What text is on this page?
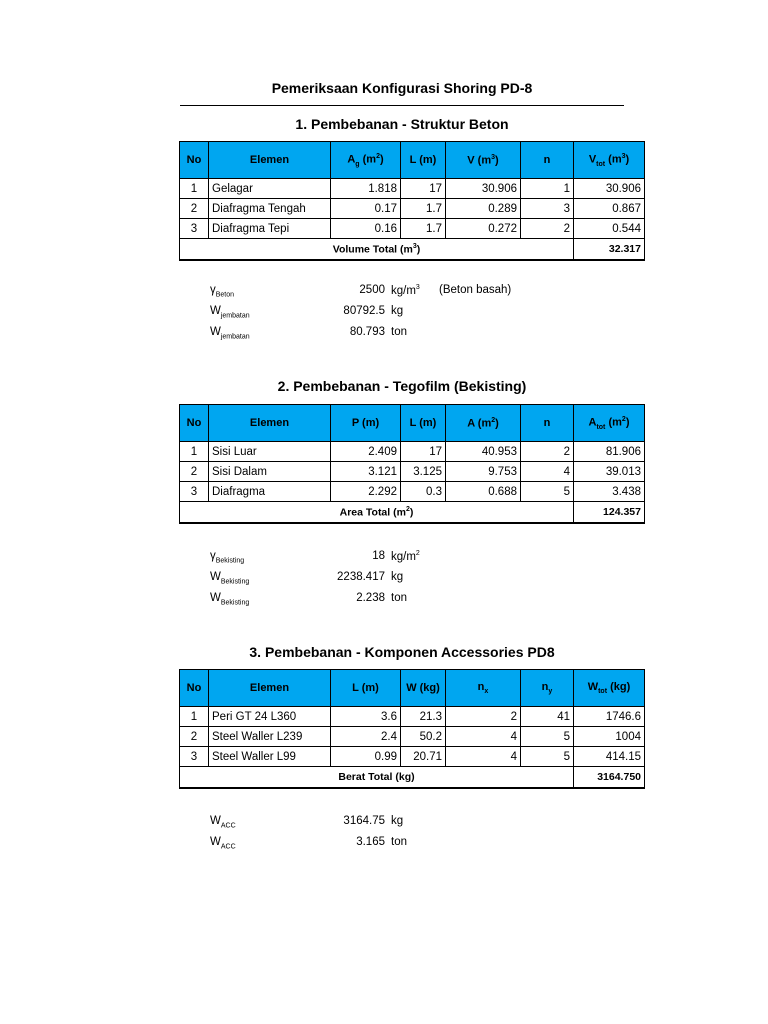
Pemeriksaan Konfigurasi Shoring PD-8
1. Pembebanan - Struktur Beton
No	Elemen	$A_g$ $(m^2)$	L (m)	V $(m^3)$	n	$V_{tot}$ $(m^3)$
1	Gelagar	1.818	17	30.906	1	30.906
2	Diafragma Tengah	0.17	1.7	0.289	3	0.867
3	Diafragma Tepi	0.16	1.7	0.272	2	0.544
Volume Total $(m^3)$						32.317
$\gamma_{Beton}$	2500 $kg/m^3$	(Beton basah)
$W_{jembatan}$	80792.5 kg
$W_{jembatan}$	80.793 ton
2. Pembebanan - Tegofilm (Bekisting)
No	Elemen	P (m)	L (m)	A $(m^2)$	n	$A_{tot}$ $(m^2)$
1	Sisi Luar	2.409	17	40.953	2	81.906
2	Sisi Dalam	3.121	3.125	9.753	4	39.013
3	Diafragma	2.292	0.3	0.688	5	3.438
Area Total $(m^2)$						124.357
$\gamma_{Bekisting}$	18 $kg/m^2$
$W_{Bekisting}$	2238.417 kg
$W_{Bekisting}$	2.238 ton
3. Pembebanan - Komponen Accessories PD8
No	Elemen	L (m)	W (kg)	$n_x$	$n_y$	$W_{tot}$ (kg)
1	Peri GT 24 L360	3.6	21.3	2	41	1746.6
2	Steel Waller L239	2.4	50.2	4	5	1004
3	Steel Waller L99	0.99	20.71	4	5	414.15
Berat Total (kg)						3164.750
$W_{ACC}$	3164.75 kg
$W_{ACC}$	3.165 ton
